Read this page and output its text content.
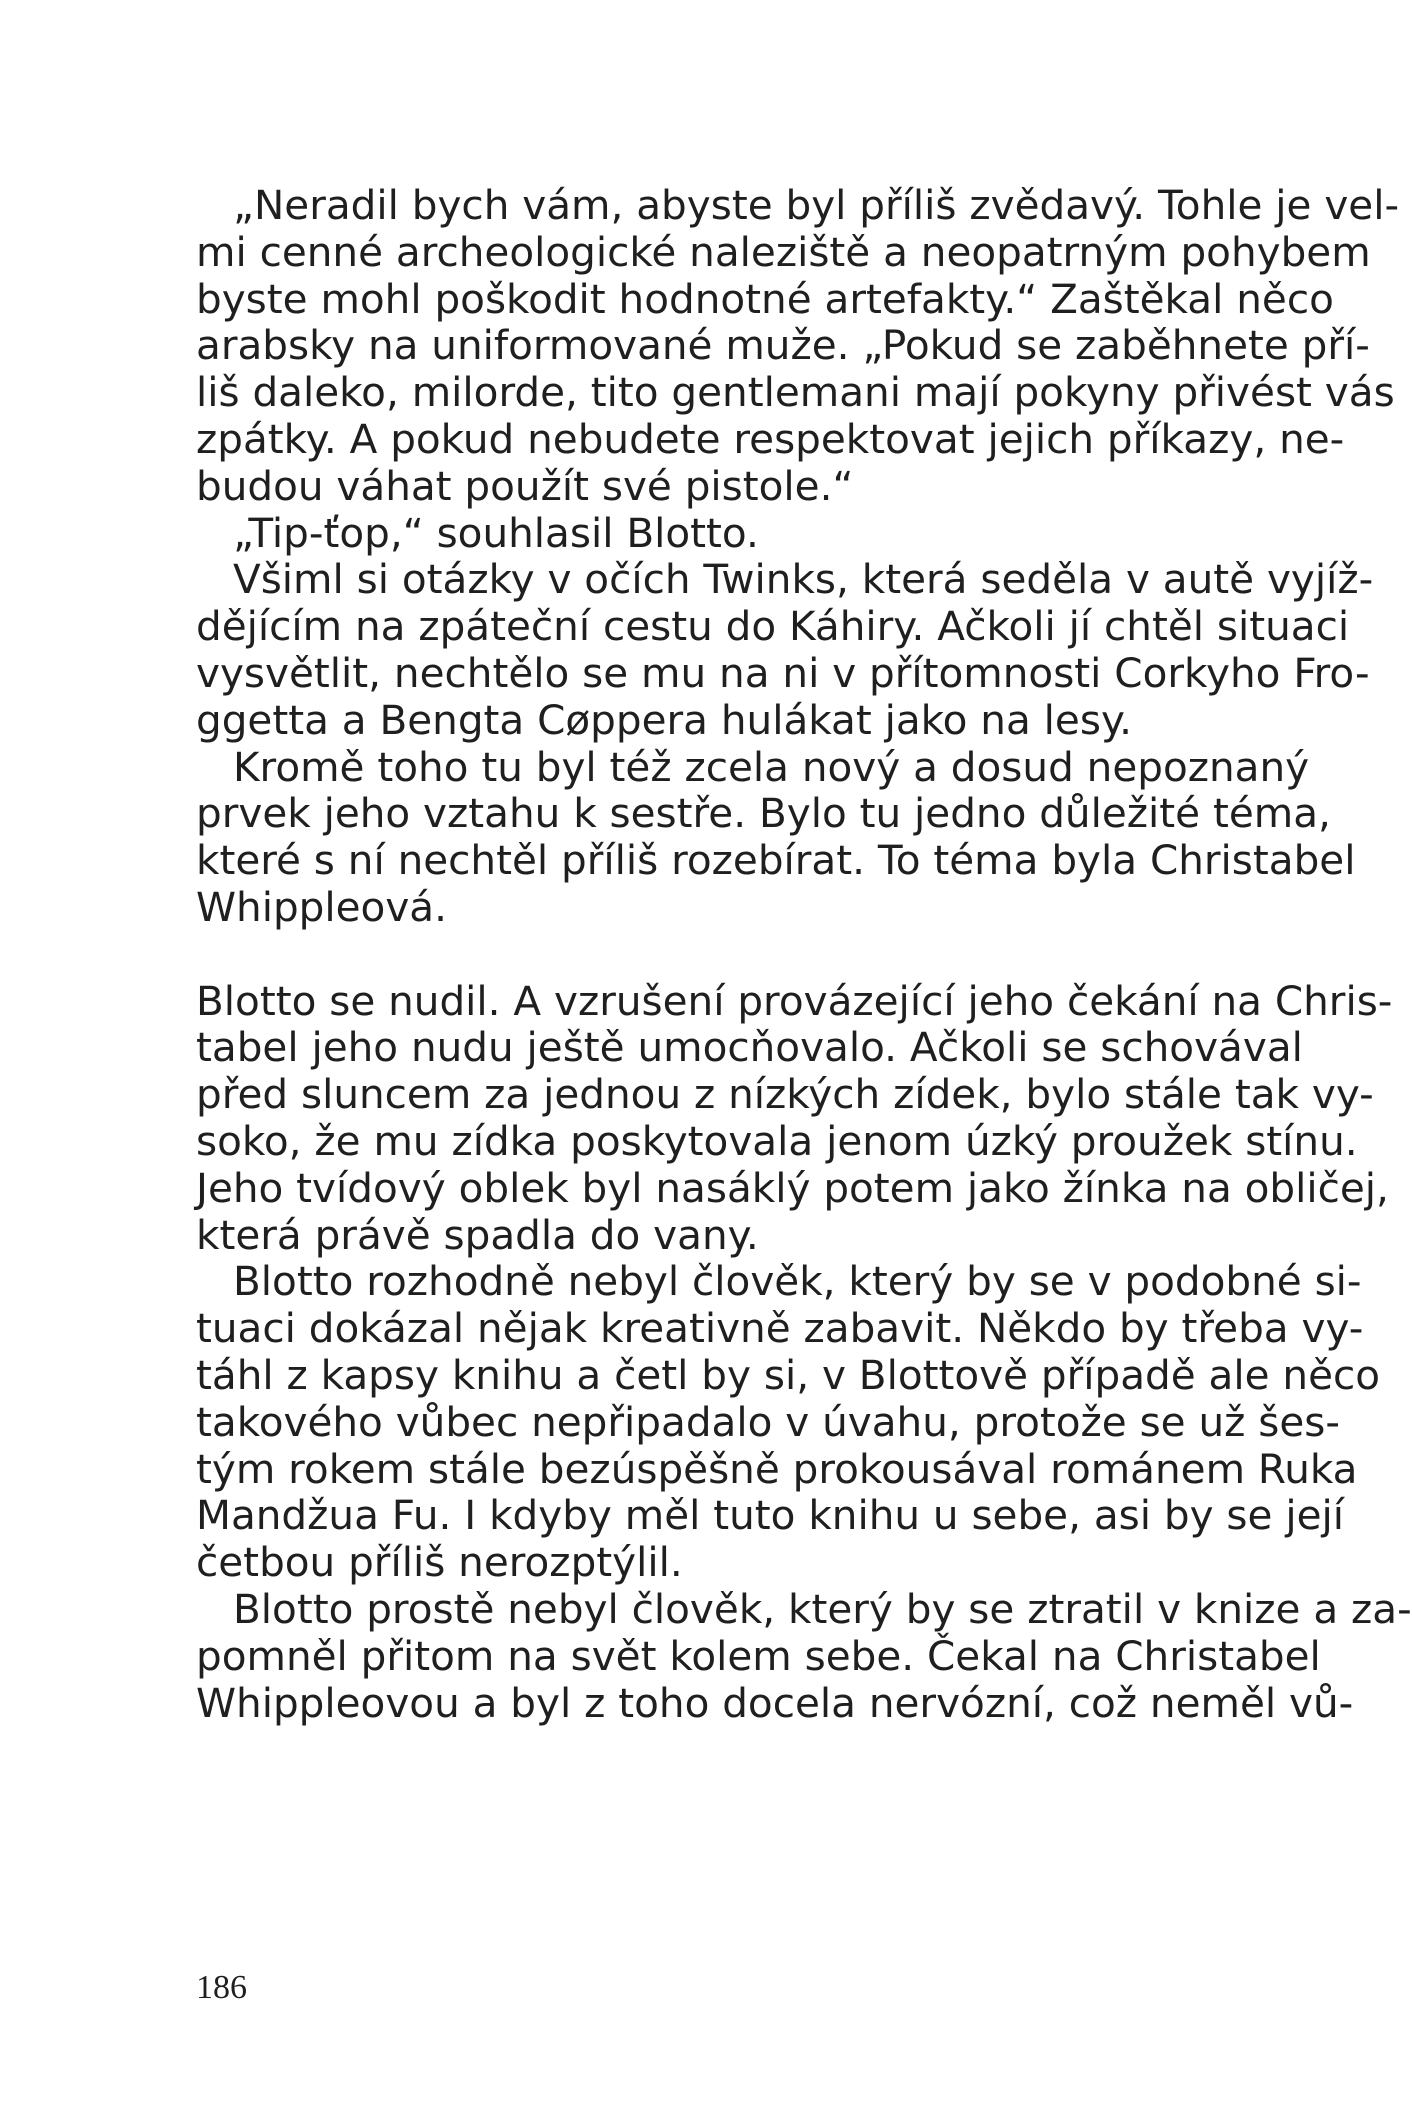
„Neradil bych vám, abyste byl příliš zvědavý. Tohle je vel-
mi cenné archeologické naleziště a neopatrným pohybem
byste mohl poškodit hodnotné artefakty.“ Zaštěkal něco
arabsky na uniformované muže. „Pokud se zaběhnete pří-
liš daleko, milorde, tito gentlemani mají pokyny přivést vás
zpátky. A pokud nebudete respektovat jejich příkazy, ne-
budou váhat použít své pistole.“
„Tip-ťop,“ souhlasil Blotto.
Všiml si otázky v očích Twinks, která seděla v autě vyjíž-
dějícím na zpáteční cestu do Káhiry. Ačkoli jí chtěl situaci
vysvětlit, nechtělo se mu na ni v přítomnosti Corkyho Fro-
ggetta a Bengta Cøppera hulákat jako na lesy.
Kromě toho tu byl též zcela nový a dosud nepoznaný
prvek jeho vztahu k sestře. Bylo tu jedno důležité téma,
které s ní nechtěl příliš rozebírat. To téma byla Christabel
Whippleová.
Blotto se nudil. A vzrušení provázející jeho čekání na Chris-
tabel jeho nudu ještě umocňovalo. Ačkoli se schovával
před sluncem za jednou z nízkých zídek, bylo stále tak vy-
soko, že mu zídka poskytovala jenom úzký proužek stínu.
Jeho tvídový oblek byl nasáklý potem jako žínka na obličej,
která právě spadla do vany.
Blotto rozhodně nebyl člověk, který by se v podobné si-
tuaci dokázal nějak kreativně zabavit. Někdo by třeba vy-
táhl z kapsy knihu a četl by si, v Blottově případě ale něco
takového vůbec nepřipadalo v úvahu, protože se už šes-
tým rokem stále bezúspěšně prokousával románem Ruka
Mandžua Fu. I kdyby měl tuto knihu u sebe, asi by se její
četbou příliš nerozptýlil.
Blotto prostě nebyl člověk, který by se ztratil v knize a za-
pomněl přitom na svět kolem sebe. Čekal na Christabel
Whippleovou a byl z toho docela nervózní, což neměl vů-
186
